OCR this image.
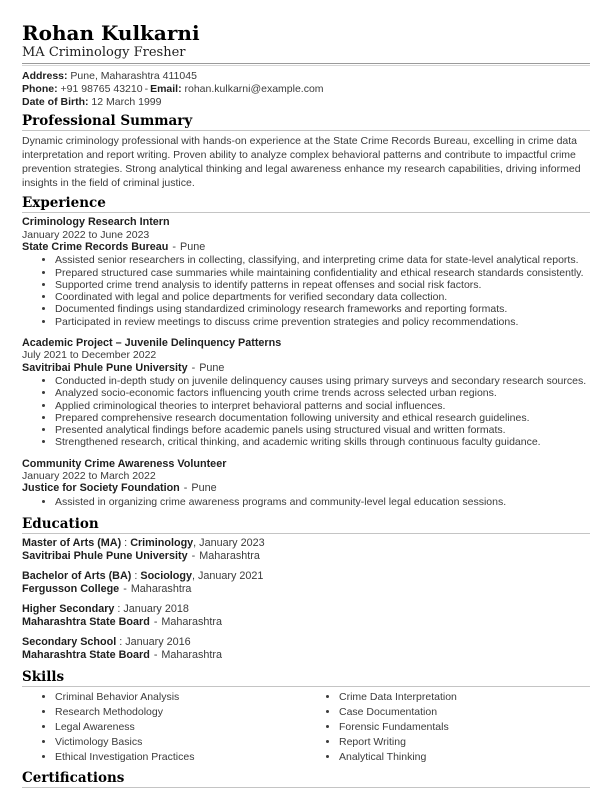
Rohan Kulkarni
MA Criminology Fresher
Address: Pune, Maharashtra 411045
Phone: +91 98765 43210 - Email: rohan.kulkarni@example.com
Date of Birth: 12 March 1999
Professional Summary

Dynamic criminology professional with hands-on experience at the State Crime Records Bureau, excelling in crime data interpretation and report writing. Proven ability to analyze complex behavioral patterns and contribute to impactful crime prevention strategies. Strong analytical thinking and legal awareness enhance my research capabilities, driving informed insights in the field of criminal justice.

Experience
Criminology Research Intern
January 2022 to June 2023
State Crime Records Bureau - Pune
• Assisted senior researchers in collecting, classifying, and interpreting crime data for state-level analytical reports.
• Prepared structured case summaries while maintaining confidentiality and ethical research standards consistently.
• Supported crime trend analysis to identify patterns in repeat offenses and social risk factors.
• Coordinated with legal and police departments for verified secondary data collection.
• Documented findings using standardized criminology research frameworks and reporting formats.
• Participated in review meetings to discuss crime prevention strategies and policy recommendations.
Academic Project – Juvenile Delinquency Patterns
July 2021 to December 2022
Savitribai Phule Pune University - Pune
• Conducted in-depth study on juvenile delinquency causes using primary surveys and secondary research sources.
• Analyzed socio-economic factors influencing youth crime trends across selected urban regions.
• Applied criminological theories to interpret behavioral patterns and social influences.
• Prepared comprehensive research documentation following university and ethical research guidelines.
• Presented analytical findings before academic panels using structured visual and written formats.
• Strengthened research, critical thinking, and academic writing skills through continuous faculty guidance.
Community Crime Awareness Volunteer
January 2022 to March 2022
Justice for Society Foundation - Pune
• Assisted in organizing crime awareness programs and community-level legal education sessions.
Education
Master of Arts (MA) : Criminology, January 2023
Savitribai Phule Pune University - Maharashtra
Bachelor of Arts (BA) : Sociology, January 2021
Fergusson College - Maharashtra
Higher Secondary : January 2018
Maharashtra State Board - Maharashtra
Secondary School : January 2016
Maharashtra State Board - Maharashtra
Skills
• Criminal Behavior Analysis
• Research Methodology
• Legal Awareness
• Victimology Basics
• Ethical Investigation Practices
• Crime Data Interpretation
• Case Documentation
• Forensic Fundamentals
• Report Writing
• Analytical Thinking
Certifications
